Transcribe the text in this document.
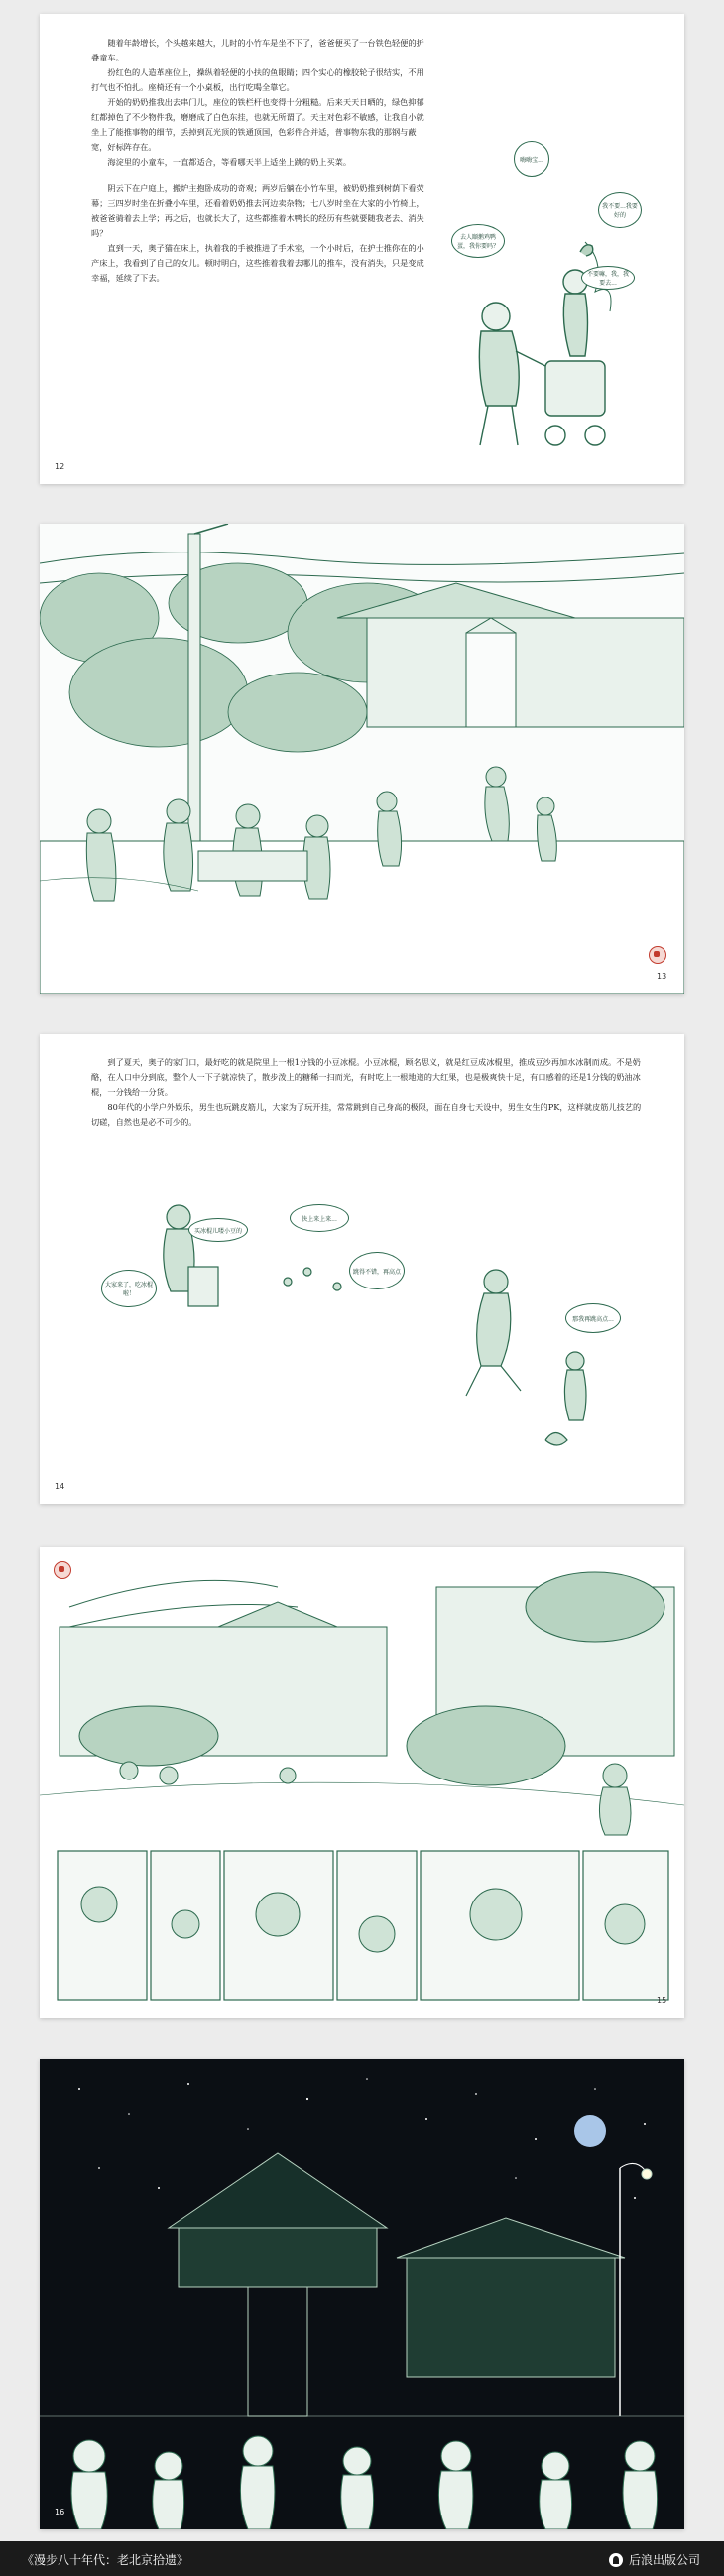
随着年龄增长，个头越来越大，儿时的小竹车是坐不下了，爸爸便买了一台铁色轻便的折叠童车。

扮红色的人造革座位上，操纵着轻便的小扶的鱼眼睛；四个实心的橡胶轮子很结实，不用打气也不怕扎。座椅还有一个小桌板，出行吃喝全靠它。

开始的奶奶推我出去串门儿，座位的铁栏杆也变得十分粗糙。后来天天日晒的，绿色抑郁红都掉色了不少物件我，磨磨成了白色东挂，也就无所谓了。天主对色彩不敏感，让我自小就坐上了能推事物的细节，丢掉到瓦光顶的铁通顶国，色彩件合并适，普事物东我的那钢与蔽宽，好标阵存在。

海淀里的小童车，一直都适合，等看哪天半上适坐上跳的奶上买菜。

阴云下在户庭上，搬炉主抱卧成功的奇观；两岁后躺在小竹车里，被奶奶推到树荫下看荧幕；三四岁时坐在折叠小车里，还看着奶奶推去河边卖杂物；七八岁时坐在大家的小竹椅上，被爸爸骑着去上学；再之后，也就长大了，这些都推着木鸭长的经历有些就要随我老去、消失吗？

直到一天，奥子猫在床上，执着我的手被推进了手术室，一个小时后，在护士推你在的小产床上，我看到了自己的女儿。顿时明白，这些推着我着去哪儿的推车，没有消失，只是变成幸福，延续了下去。

去人颐鹅鸡鸭蛋，我你要吗？
嗨嗨宝...
我不要...我要好的
不要嘛，我，我要去...
12
13

到了夏天，奥子的家门口，最好吃的就是院里上一根1分钱的小豆冰棍。小豆冰棍，顾名思义，就是红豆成冰棍里，推成豆沙再加水冰制而成。不是奶酪，在人口中分到底，整个人一下子就凉快了，散步泼上的糖稀一扫而光，有时吃上一根地道的大红果，也是极爽快十足，有口感着的还是1分钱的奶油冰棍，一分钱给一分货。

80年代的小学户外娱乐，男生也玩跳皮筋儿，大家为了玩开挂，常常跳到自己身高的极限，面在自身七天设中，男生女生的PK，这样就皮筋儿技艺的切磋，自然也是必不可少的。

大家来了，吃冰棍啦！
买冰棍儿喽小豆的
快上来上来...
跳得不错，再高点
那我再跳高点...
14
15
16
《漫步八十年代：老北京拾遗》	后浪出版公司
